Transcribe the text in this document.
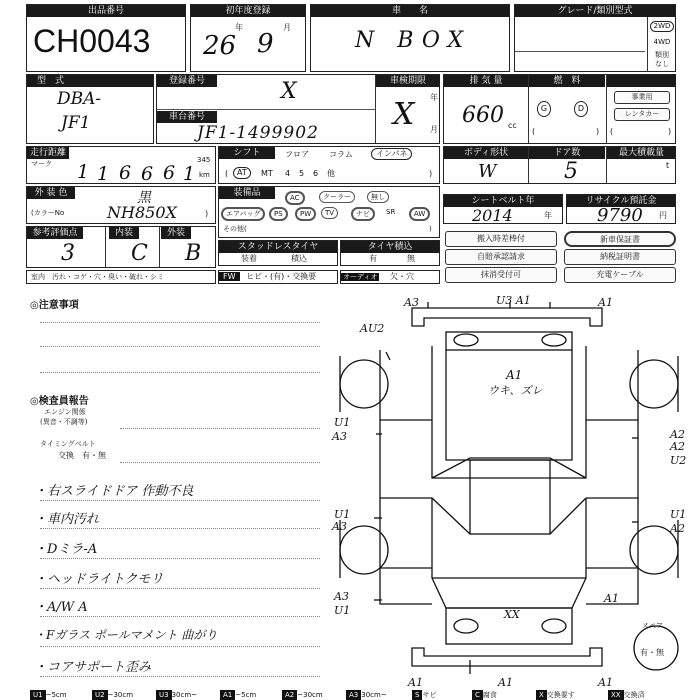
出品番号
CH0043
初年度登録
年	月
26 9
車　　名
N BOX
グレード/類別型式
2WD
4WD
類別
なし
型　式
DBA-
JF1
登録番号	X
車台番号
JF1-1499902
車検期限
年
月
X
排 気 量
660 cc
燃　料
G	D
(	)
事業用
レンタカー
(	)
走行距離
マーク 1 1 6 6 6 1
345
km
シフト	フロア	コラム	インパネ
(	AT	MT 4 5 6 他	)
ボディ形状
W
ドア数
5
最大積載量
t
外 装 色	黒
(カラーNo	NH850X	)
装備品	AC	クーラー	無し
エアバッグ	PS	PW	TV	ナビ	SR	AW
その他(	)
シートベルト年
2014	年
リサイクル預託金
9790 円
参考評価点
3
内装
C
外装
B
室内　汚れ・コゲ・穴・臭い・破れ・シミ
スタッドレスタイヤ
装着	積込
タイヤ積込
有	無
FW ヒビ・(有)・交換要	オーディオ 欠・穴
搬入時差棒付
自賠承認請求
抹消受付可
新車保証書
納税証明書
充電ケーブル
◎注意事項
◎検査員報告
エンジン関係
(異音・不調等)
タイミングベルト
交換　有・無
・右スライドドア 作動不良
・車内汚れ
・Dミラ-A
・ヘッドライトクモリ
・A/W A
・Fガラス ポールマメント 曲がり
・コアサポート歪み
A3	U3 A1	A1
AU2
U1
A3
U1
A3
A3
U1
A2
A2
U2
U1
A2
A1
A1
ウキ、ズレ
XX
A1	A1	A1
スペア
有・無
U1 ~5cm	U2 ~30cm	U3 30cm~	A1 ~5cm	A2 ~30cm	A3 30cm~	S サビ	C 腐食	X 交換要す	XX 交換済
